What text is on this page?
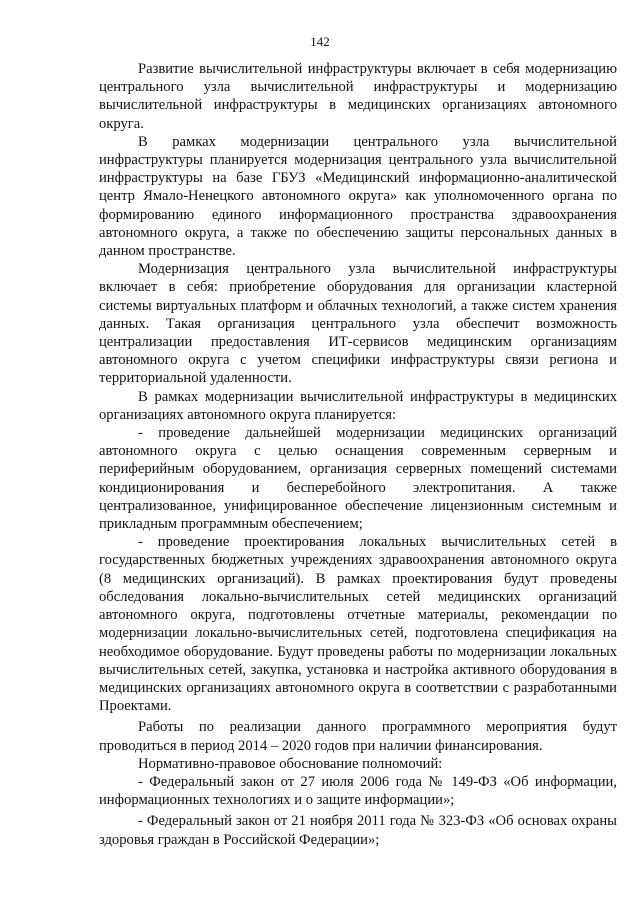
142

Развитие вычислительной инфраструктуры включает в себя модернизацию центрального узла вычислительной инфраструктуры и модернизацию вычислительной инфраструктуры в медицинских организациях автономного округа.

В рамках модернизации центрального узла вычислительной инфраструктуры планируется модернизация центрального узла вычислительной инфраструктуры на базе ГБУЗ «Медицинский информационно-аналитической центр Ямало-Ненецкого автономного округа» как уполномоченного органа по формированию единого информационного пространства здравоохранения автономного округа, а также по обеспечению защиты персональных данных в данном пространстве.

Модернизация центрального узла вычислительной инфраструктуры включает в себя: приобретение оборудования для организации кластерной системы виртуальных платформ и облачных технологий, а также систем хранения данных. Такая организация центрального узла обеспечит возможность централизации предоставления ИТ-сервисов медицинским организациям автономного округа с учетом специфики инфраструктуры связи региона и территориальной удаленности.

В рамках модернизации вычислительной инфраструктуры в медицинских организациях автономного округа планируется:

- проведение дальнейшей модернизации медицинских организаций автономного округа с целью оснащения современным серверным и периферийным оборудованием, организация серверных помещений системами кондиционирования и бесперебойного электропитания. А также централизованное, унифицированное обеспечение лицензионным системным и прикладным программным обеспечением;

- проведение проектирования локальных вычислительных сетей в государственных бюджетных учреждениях здравоохранения автономного округа (8 медицинских организаций). В рамках проектирования будут проведены обследования локально-вычислительных сетей медицинских организаций автономного округа, подготовлены отчетные материалы, рекомендации по модернизации локально-вычислительных сетей, подготовлена спецификация на необходимое оборудование. Будут проведены работы по модернизации локальных вычислительных сетей, закупка, установка и настройка активного оборудования в медицинских организациях автономного округа в соответствии с разработанными Проектами.

Работы по реализации данного программного мероприятия будут проводиться в период 2014 – 2020 годов при наличии финансирования.

Нормативно-правовое обоснование полномочий:

- Федеральный закон от 27 июля 2006 года № 149-ФЗ «Об информации, информационных технологиях и о защите информации»;

- Федеральный закон от 21 ноября 2011 года № 323-ФЗ «Об основах охраны здоровья граждан в Российской Федерации»;
